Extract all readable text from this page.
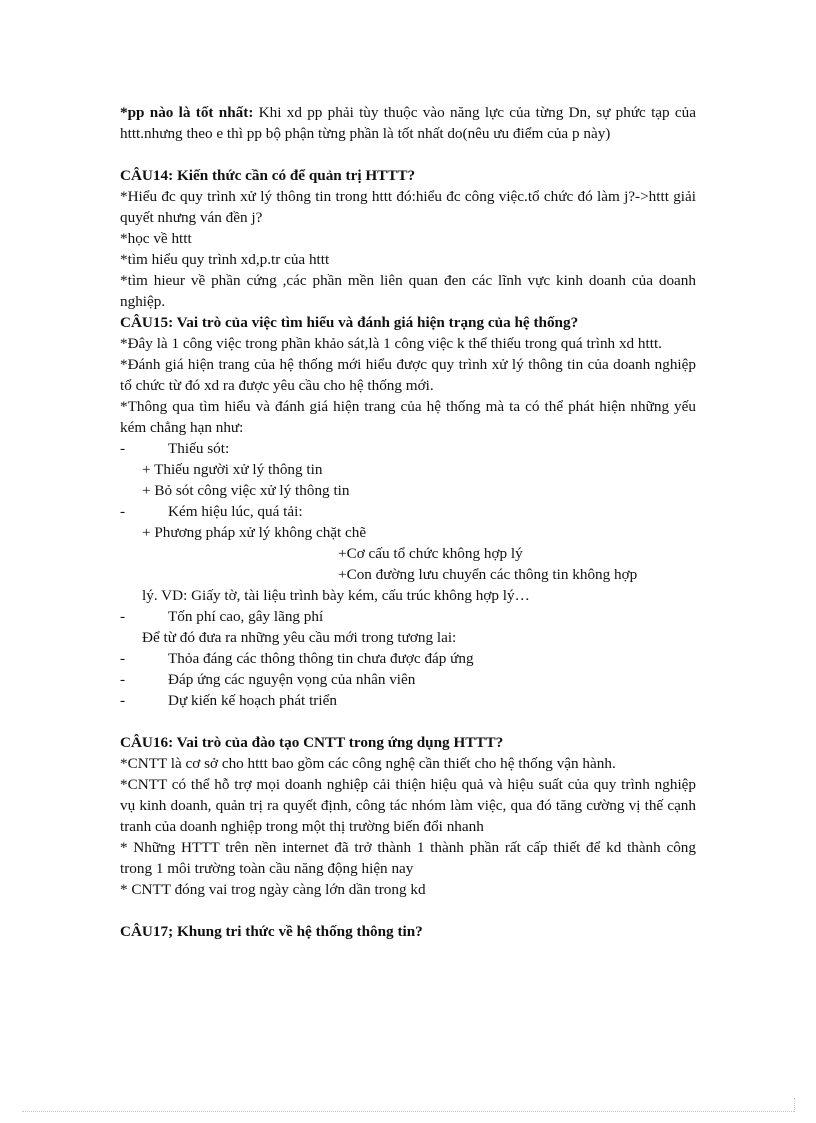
*pp nào là tốt nhất: Khi xd pp phải tùy thuộc vào năng lực của từng Dn, sự phức tạp của httt.nhưng theo e thì pp bộ phận từng phần là tốt nhất do(nêu ưu điểm của p này)

CÂU14: Kiến thức cần có để quản trị HTTT?

*Hiểu đc quy trình xử lý thông tin trong httt đó:hiểu đc công việc.tổ chức đó làm j?->httt giải quyết nhưng ván đền j?

*học về httt

*tìm hiểu quy trình xd,p.tr của httt

*tìm hieur về phần cứng ,các phần mền liên quan đen các lĩnh vực kinh doanh của doanh nghiệp.

CÂU15: Vai trò của việc tìm hiểu và đánh giá hiện trạng của hệ thống?

*Đây là 1 công việc trong phần khảo sát,là 1 công việc k thể thiếu trong quá trình xd httt.

*Đánh giá hiện trang của hệ thống mới hiểu được quy trình xử lý thông tin của doanh nghiệp tổ chức từ đó xd ra được yêu cầu cho hệ thống mới.

*Thông qua tìm hiểu và đánh giá hiện trang của hệ thống mà ta có thể phát hiện những yếu kém chẳng hạn như:

-	Thiếu sót:

+ Thiếu người xử lý thông tin

+ Bỏ sót công việc xử lý thông tin

-	Kém hiệu lúc, quá tải:

+ Phương pháp xử lý không chặt chẽ

+Cơ cấu tổ chức không hợp lý

+Con đường lưu chuyển các thông tin không hợp

lý. VD: Giấy tờ, tài liệu trình bày kém, cấu trúc không hợp lý…

-	Tốn phí cao, gây lãng phí

Để từ đó đưa ra những yêu cầu mới trong tương lai:

-	Thỏa đáng các thông thông tin chưa được đáp ứng
-	Đáp ứng các nguyện vọng của nhân viên
-	Dự kiến kế hoạch phát triển

CÂU16: Vai trò của đào tạo CNTT trong ứng dụng HTTT?

*CNTT là cơ sở cho httt bao gồm các công nghệ cần thiết cho hệ thống vận hành.

*CNTT có thể hỗ trợ mọi doanh nghiệp cải thiện hiệu quả và hiệu suất của quy trình nghiệp vụ kinh doanh, quản trị ra quyết định, công tác nhóm làm việc, qua đó tăng cường vị thế cạnh tranh của doanh nghiệp trong một thị trường biến đổi nhanh

* Những HTTT trên nền internet đã trở thành 1 thành phần rất cấp thiết để kd thành công trong 1 môi trường toàn cầu năng động hiện nay

* CNTT đóng vai trog ngày càng lớn dần trong kd

CÂU17; Khung tri thức về hệ thống thông tin?
